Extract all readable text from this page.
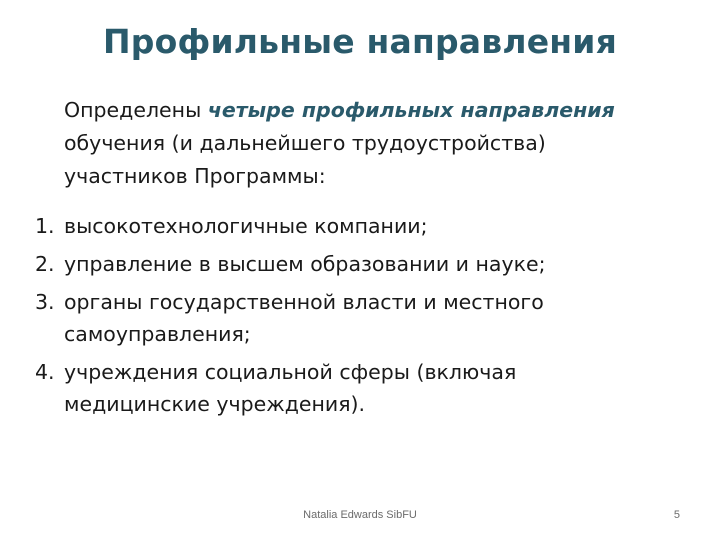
Профильные направления
Определены четыре профильных направления обучения (и дальнейшего трудоустройства) участников Программы:
1. высокотехнологичные компании;
2. управление в высшем образовании и науке;
3. органы государственной власти и местного самоуправления;
4. учреждения социальной сферы (включая медицинские учреждения).
Natalia Edwards SibFU	5
